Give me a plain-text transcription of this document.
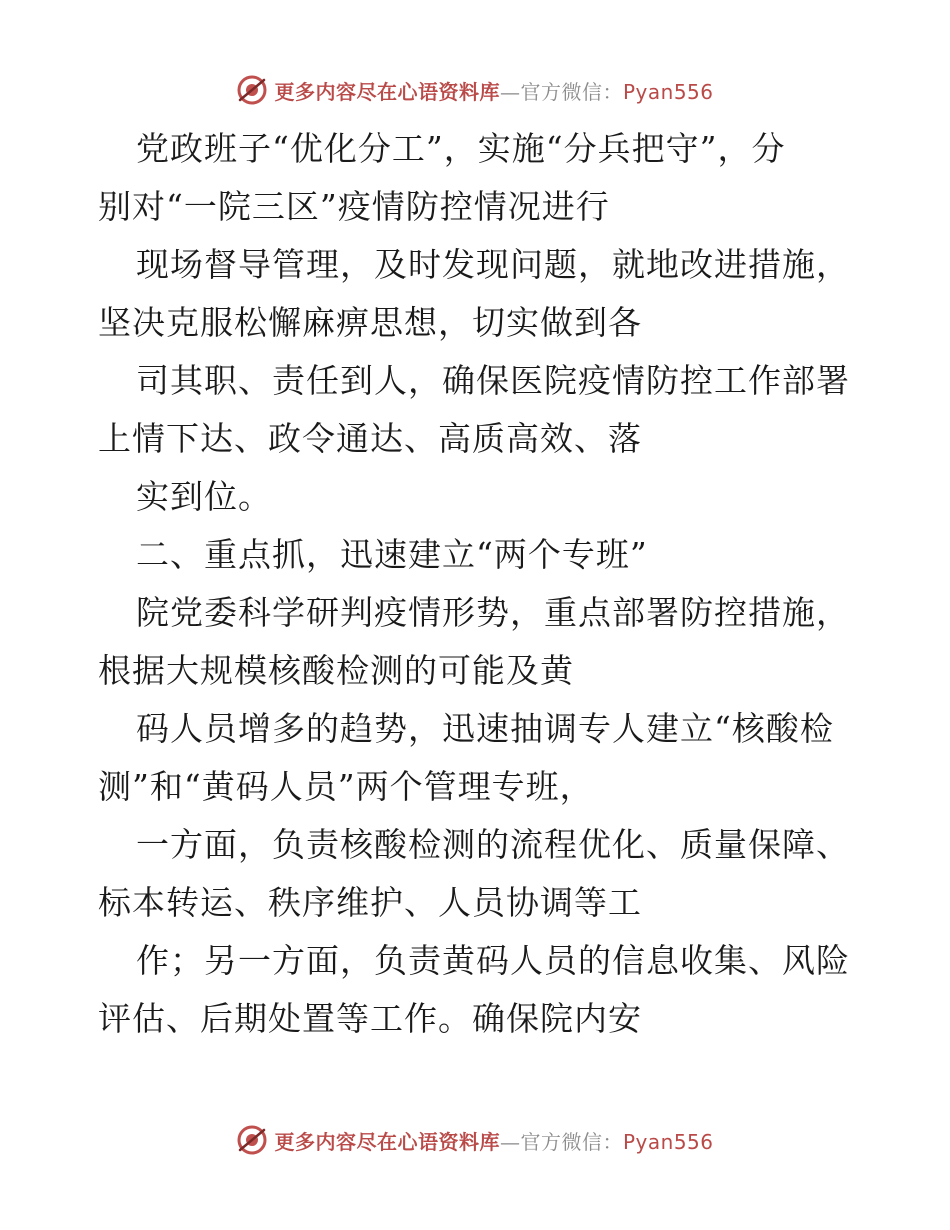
更多内容尽在心语资料库—官方微信：Pyan556
党政班子“优化分工”，实施“分兵把守”，分
别对“一院三区”疫情防控情况进行
现场督导管理，及时发现问题，就地改进措施，
坚决克服松懈麻痹思想，切实做到各
司其职、责任到人，确保医院疫情防控工作部署
上情下达、政令通达、高质高效、落
实到位。
二、重点抓，迅速建立“两个专班”
院党委科学研判疫情形势，重点部署防控措施，
根据大规模核酸检测的可能及黄
码人员增多的趋势，迅速抽调专人建立“核酸检
测”和“黄码人员”两个管理专班，
一方面，负责核酸检测的流程优化、质量保障、
标本转运、秩序维护、人员协调等工
作；另一方面，负责黄码人员的信息收集、风险
评估、后期处置等工作。确保院内安
更多内容尽在心语资料库—官方微信：Pyan556
